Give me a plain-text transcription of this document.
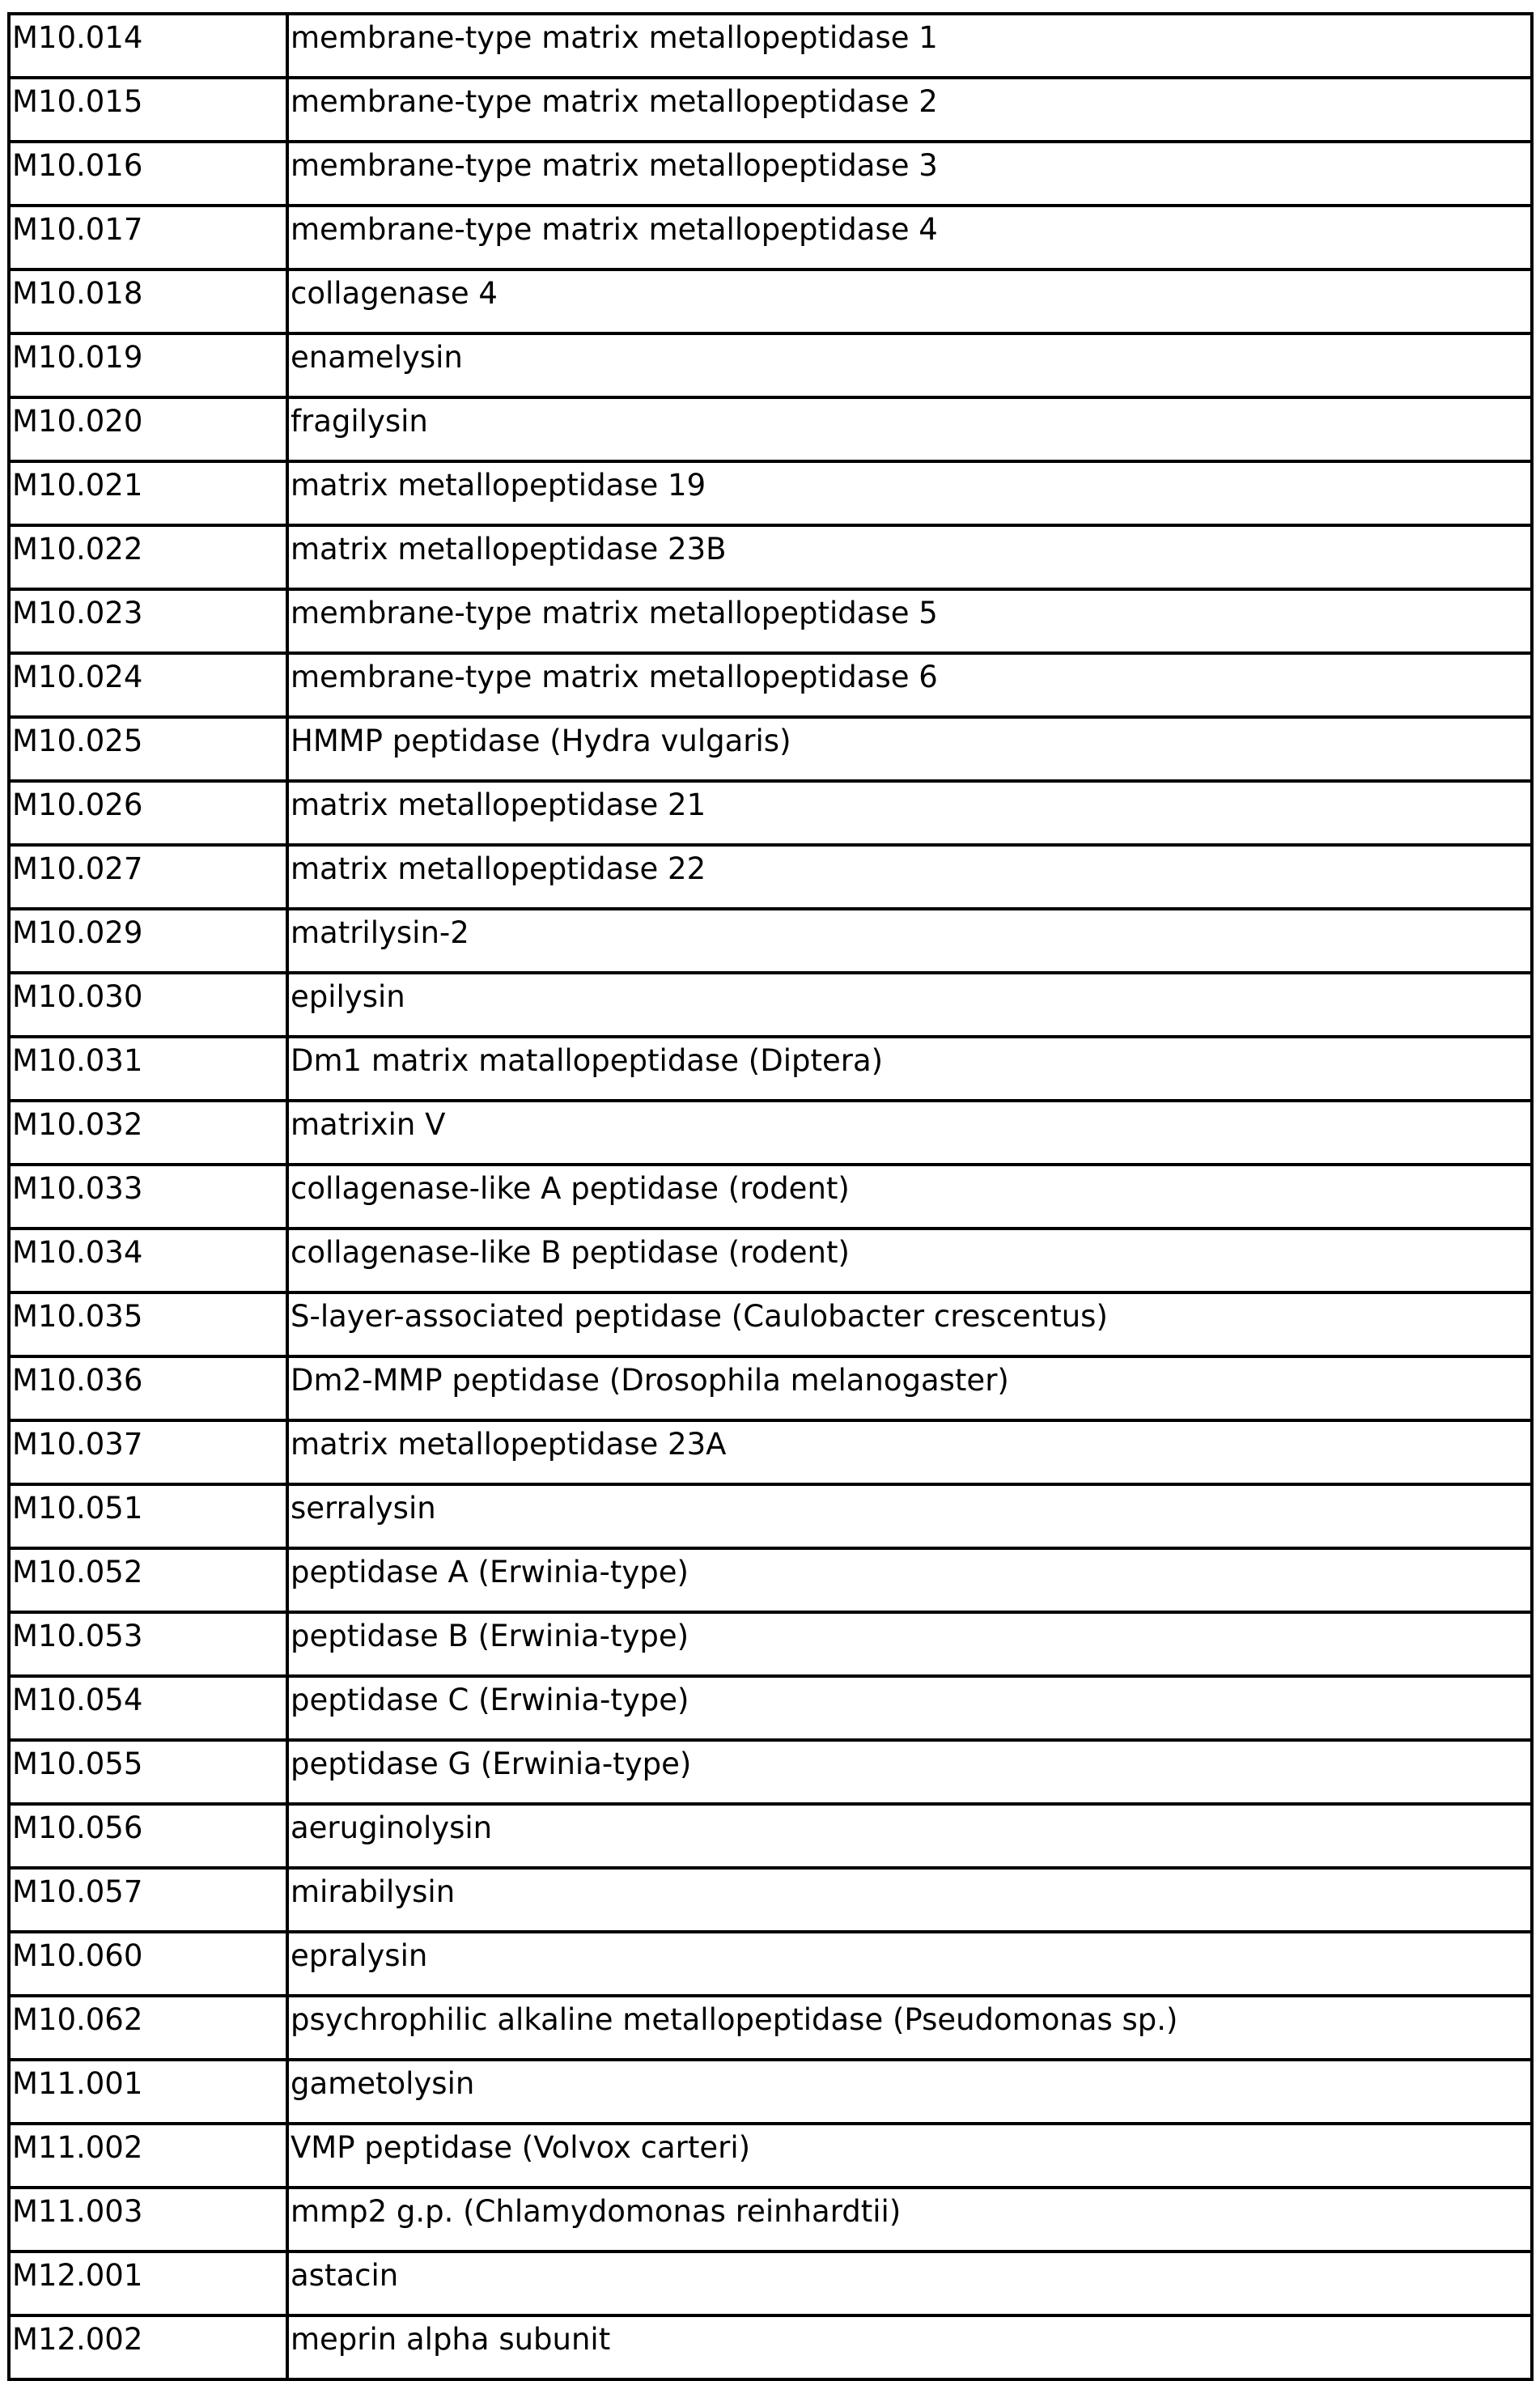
M10.014	membrane-type matrix metallopeptidase 1
M10.015	membrane-type matrix metallopeptidase 2
M10.016	membrane-type matrix metallopeptidase 3
M10.017	membrane-type matrix metallopeptidase 4
M10.018	collagenase 4
M10.019	enamelysin
M10.020	fragilysin
M10.021	matrix metallopeptidase 19
M10.022	matrix metallopeptidase 23B
M10.023	membrane-type matrix metallopeptidase 5
M10.024	membrane-type matrix metallopeptidase 6
M10.025	HMMP peptidase (Hydra vulgaris)
M10.026	matrix metallopeptidase 21
M10.027	matrix metallopeptidase 22
M10.029	matrilysin-2
M10.030	epilysin
M10.031	Dm1 matrix matallopeptidase (Diptera)
M10.032	matrixin V
M10.033	collagenase-like A peptidase (rodent)
M10.034	collagenase-like B peptidase (rodent)
M10.035	S-layer-associated peptidase (Caulobacter crescentus)
M10.036	Dm2-MMP peptidase (Drosophila melanogaster)
M10.037	matrix metallopeptidase 23A
M10.051	serralysin
M10.052	peptidase A (Erwinia-type)
M10.053	peptidase B (Erwinia-type)
M10.054	peptidase C (Erwinia-type)
M10.055	peptidase G (Erwinia-type)
M10.056	aeruginolysin
M10.057	mirabilysin
M10.060	epralysin
M10.062	psychrophilic alkaline metallopeptidase (Pseudomonas sp.)
M11.001	gametolysin
M11.002	VMP peptidase (Volvox carteri)
M11.003	mmp2 g.p. (Chlamydomonas reinhardtii)
M12.001	astacin
M12.002	meprin alpha subunit
